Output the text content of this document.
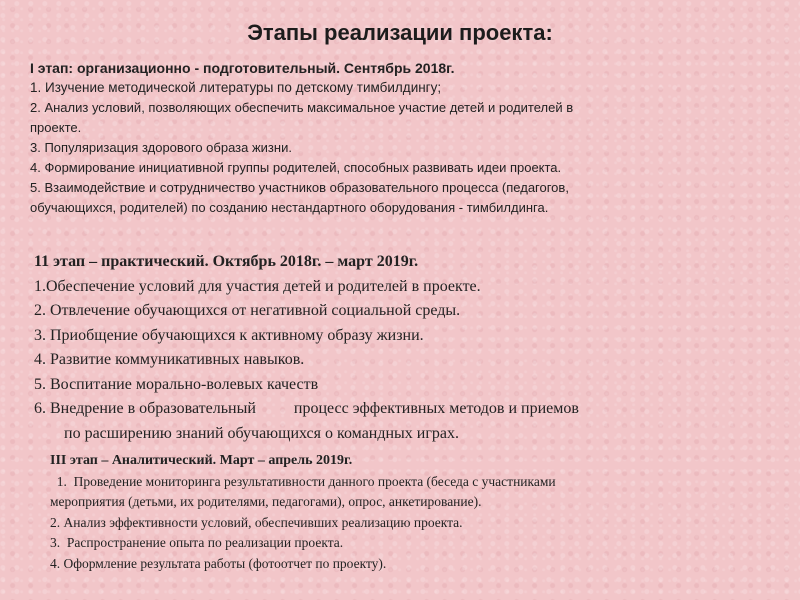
Этапы реализации проекта:
I этап: организационно - подготовительный. Сентябрь 2018г.
1. Изучение методической литературы по детскому тимбилдингу;
2. Анализ условий, позволяющих обеспечить максимальное участие детей и родителей в
проекте.
3. Популяризация здорового образа жизни.
4. Формирование инициативной группы родителей, способных развивать идеи проекта.
5. Взаимодействие и сотрудничество участников образовательного процесса (педагогов,
обучающихся, родителей) по созданию нестандартного оборудования - тимбилдинга.
11 этап – практический. Октябрь 2018г. – март 2019г.
1.Обеспечение условий для участия детей и родителей в проекте.
2. Отвлечение обучающихся от негативной социальной среды.
3. Приобщение обучающихся к активному образу жизни.
4. Развитие коммуникативных навыков.
5. Воспитание морально-волевых качеств
6. Внедрение в образовательный процесс эффективных методов и приемов
по расширению знаний обучающихся о командных играх.
III этап – Аналитический. Март – апрель 2019г.
1.  Проведение мониторинга результативности данного проекта (беседа с участниками
мероприятия (детьми, их родителями, педагогами), опрос, анкетирование).
2. Анализ эффективности условий, обеспечивших реализацию проекта.
3.  Распространение опыта по реализации проекта.
4. Оформление результата работы (фотоотчет по проекту).
